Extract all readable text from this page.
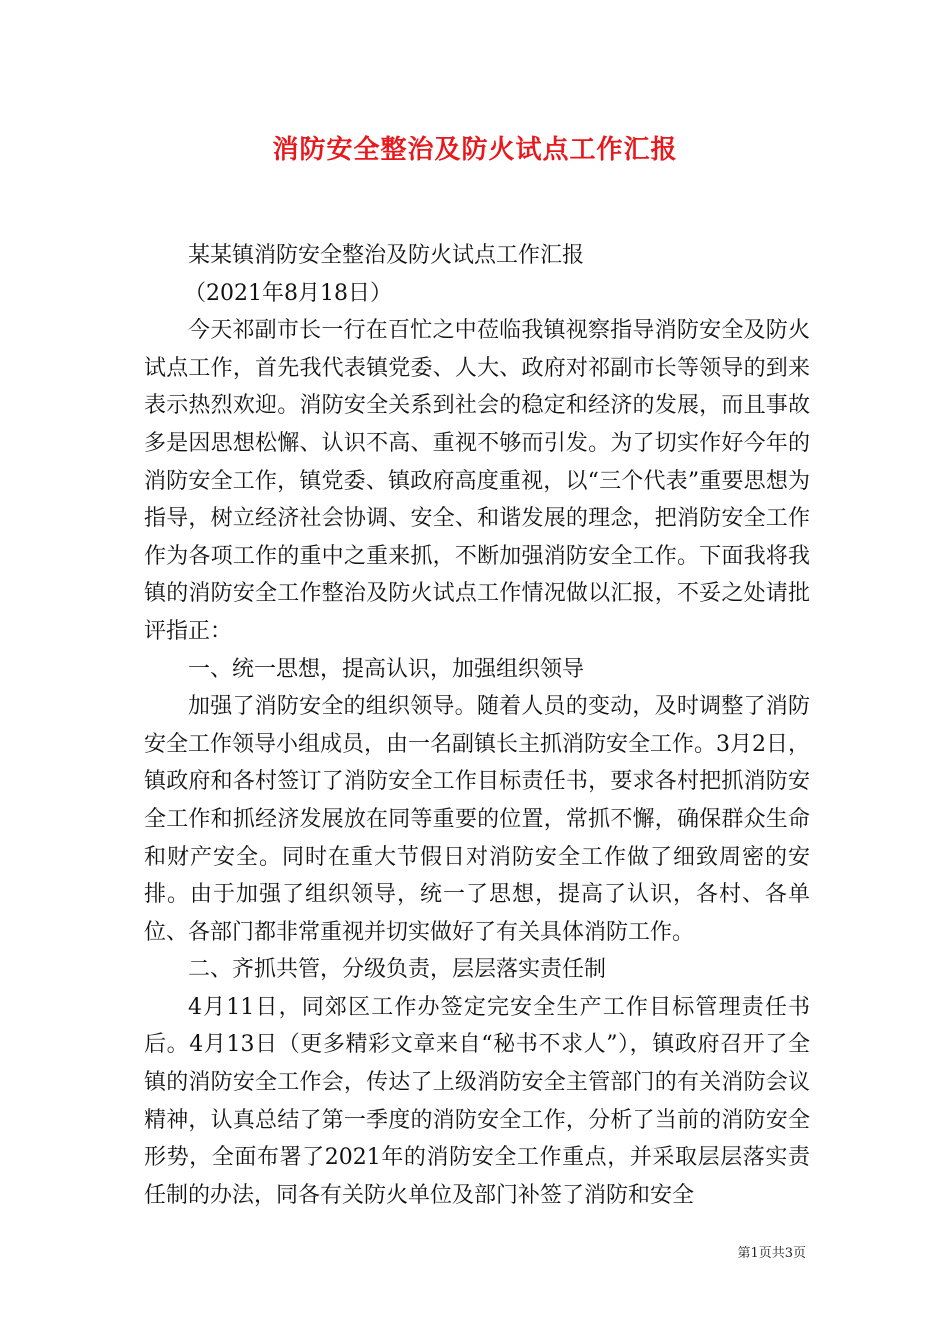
消防安全整治及防火试点工作汇报

某某镇消防安全整治及防火试点工作汇报

（2021年8月18日）

今天祁副市长一行在百忙之中莅临我镇视察指导消防安全及防火试点工作，首先我代表镇党委、人大、政府对祁副市长等领导的到来表示热烈欢迎。消防安全关系到社会的稳定和经济的发展，而且事故多是因思想松懈、认识不高、重视不够而引发。为了切实作好今年的消防安全工作，镇党委、镇政府高度重视，以“三个代表”重要思想为指导，树立经济社会协调、安全、和谐发展的理念，把消防安全工作作为各项工作的重中之重来抓，不断加强消防安全工作。下面我将我镇的消防安全工作整治及防火试点工作情况做以汇报，不妥之处请批评指正：

一、统一思想，提高认识，加强组织领导

加强了消防安全的组织领导。随着人员的变动，及时调整了消防安全工作领导小组成员，由一名副镇长主抓消防安全工作。3月2日，镇政府和各村签订了消防安全工作目标责任书，要求各村把抓消防安全工作和抓经济发展放在同等重要的位置，常抓不懈，确保群众生命和财产安全。同时在重大节假日对消防安全工作做了细致周密的安排。由于加强了组织领导，统一了思想，提高了认识，各村、各单位、各部门都非常重视并切实做好了有关具体消防工作。

二、齐抓共管，分级负责，层层落实责任制

4月11日，同郊区工作办签定完安全生产工作目标管理责任书后。4月13日（更多精彩文章来自“秘书不求人”），镇政府召开了全镇的消防安全工作会，传达了上级消防安全主管部门的有关消防会议精神，认真总结了第一季度的消防安全工作，分析了当前的消防安全形势，全面布署了2021年的消防安全工作重点，并采取层层落实责任制的办法，同各有关防火单位及部门补签了消防和安全

第1页共3页
